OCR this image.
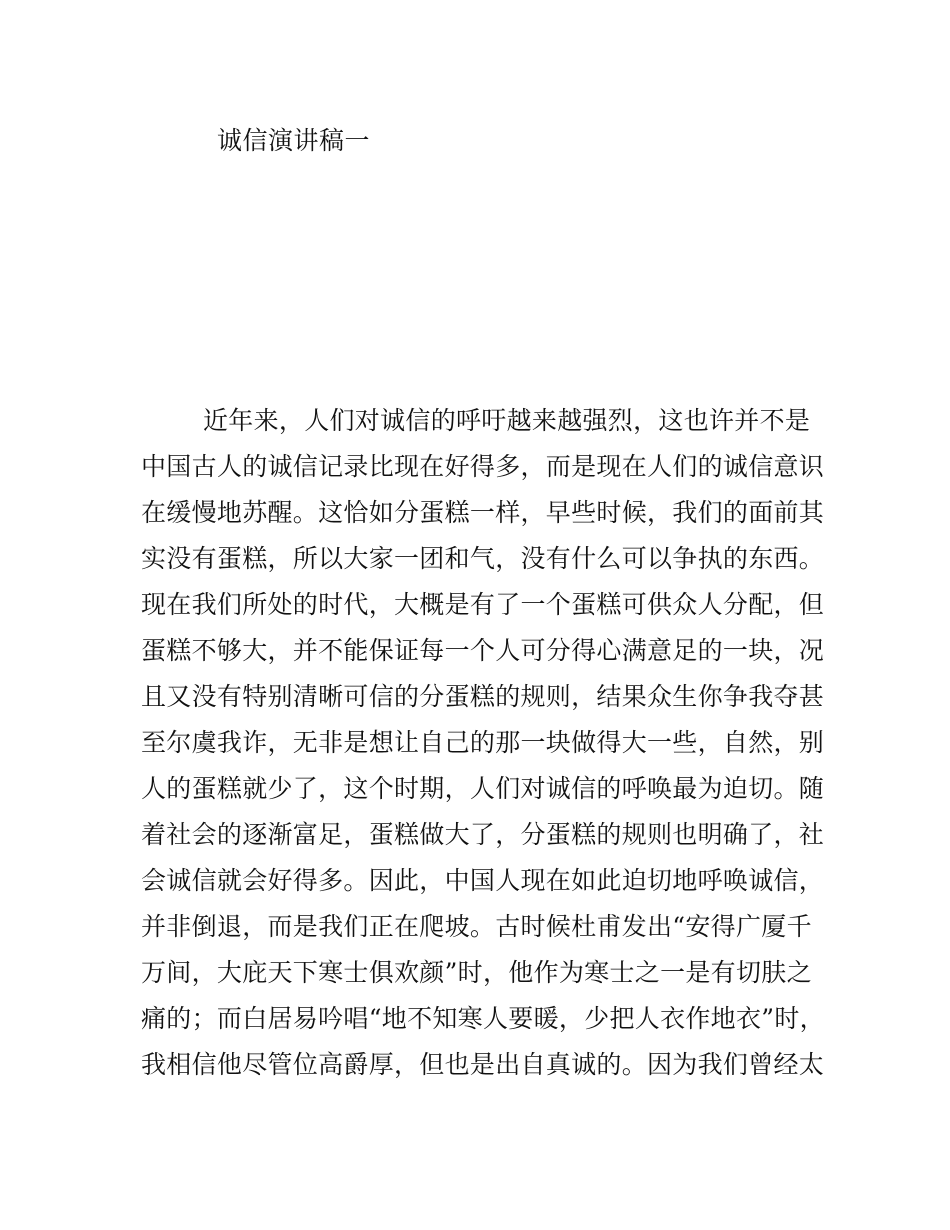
诚信演讲稿一
近年来，人们对诚信的呼吁越来越强烈，这也许并不是
中国古人的诚信记录比现在好得多，而是现在人们的诚信意识
在缓慢地苏醒。这恰如分蛋糕一样，早些时候，我们的面前其
实没有蛋糕，所以大家一团和气，没有什么可以争执的东西。
现在我们所处的时代，大概是有了一个蛋糕可供众人分配，但
蛋糕不够大，并不能保证每一个人可分得心满意足的一块，况
且又没有特别清晰可信的分蛋糕的规则，结果众生你争我夺甚
至尔虞我诈，无非是想让自己的那一块做得大一些，自然，别
人的蛋糕就少了，这个时期，人们对诚信的呼唤最为迫切。随
着社会的逐渐富足，蛋糕做大了，分蛋糕的规则也明确了，社
会诚信就会好得多。因此，中国人现在如此迫切地呼唤诚信，
并非倒退，而是我们正在爬坡。古时候杜甫发出“安得广厦千
万间，大庇天下寒士俱欢颜”时，他作为寒士之一是有切肤之
痛的；而白居易吟唱“地不知寒人要暖，少把人衣作地衣”时，
我相信他尽管位高爵厚，但也是出自真诚的。因为我们曾经太
